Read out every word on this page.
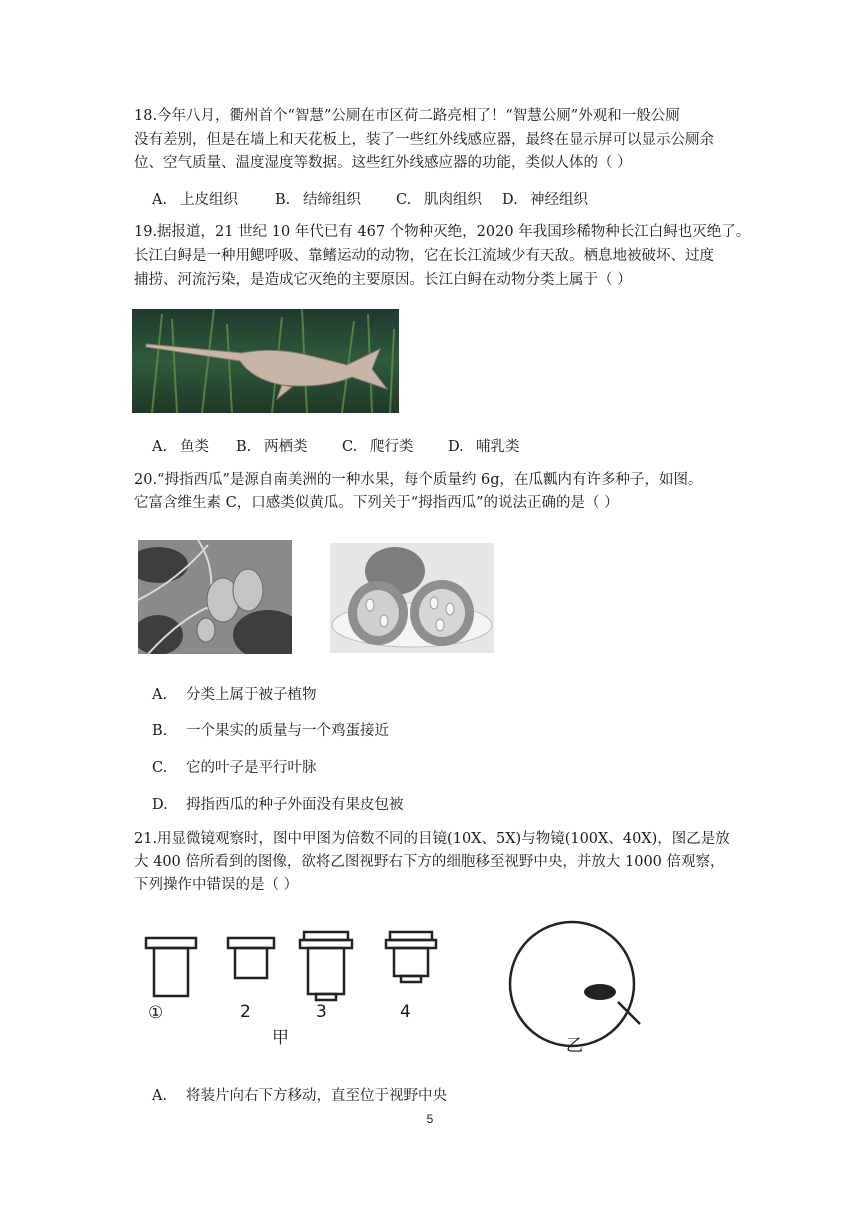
18.今年八月，衢州首个“智慧”公厕在市区荷二路亮相了！“智慧公厕”外观和一般公厕
没有差别，但是在墙上和天花板上，装了一些红外线感应器，最终在显示屏可以显示公厕余
位、空气质量、温度湿度等数据。这些红外线感应器的功能，类似人体的（ ）
A. 上皮组织	B. 结缔组织 C. 肌肉组织 D. 神经组织
19.据报道，21 世纪 10 年代已有 467 个物种灭绝，2020 年我国珍稀物种长江白鲟也灭绝了。
长江白鲟是一种用鳃呼吸、靠鳍运动的动物，它在长江流域少有天敌。栖息地被破坏、过度
捕捞、河流污染，是造成它灭绝的主要原因。长江白鲟在动物分类上属于（ ）
A. 鱼类 B. 两栖类 C. 爬行类 D. 哺乳类
20.“拇指西瓜”是源自南美洲的一种水果，每个质量约 6g，在瓜瓤内有许多种子，如图。
它富含维生素 C，口感类似黄瓜。下列关于“拇指西瓜”的说法正确的是（ ）
A. 分类上属于被子植物
B. 一个果实的质量与一个鸡蛋接近
C. 它的叶子是平行叶脉
D. 拇指西瓜的种子外面没有果皮包被
21.用显微镜观察时，图中甲图为倍数不同的目镜(10X、5X)与物镜(100X、40X)，图乙是放
大 400 倍所看到的图像，欲将乙图视野右下方的细胞移至视野中央，并放大 1000 倍观察，
下列操作中错误的是（ ）
①	2	3	4
甲	乙
A. 将装片向右下方移动，直至位于视野中央
5
